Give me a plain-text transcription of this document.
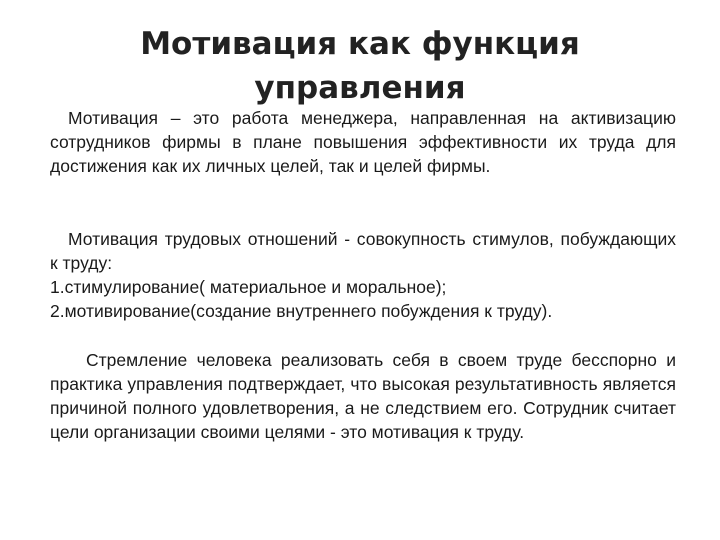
Мотивация как функция управления

Мотивация – это работа менеджера, направленная на активизацию сотрудников фирмы в плане повышения эффективности их труда для достижения как их личных целей, так и целей фирмы.

Мотивация трудовых отношений - совокупность стимулов, побуждающих к труду:

1.стимулирование( материальное и моральное);
2.мотивирование(создание внутреннего побуждения к труду).

Стремление человека реализовать себя в своем труде бесспорно и практика управления подтверждает, что высокая результативность является причиной полного удовлетворения, а не следствием его. Сотрудник считает цели организации своими целями - это мотивация к труду.
